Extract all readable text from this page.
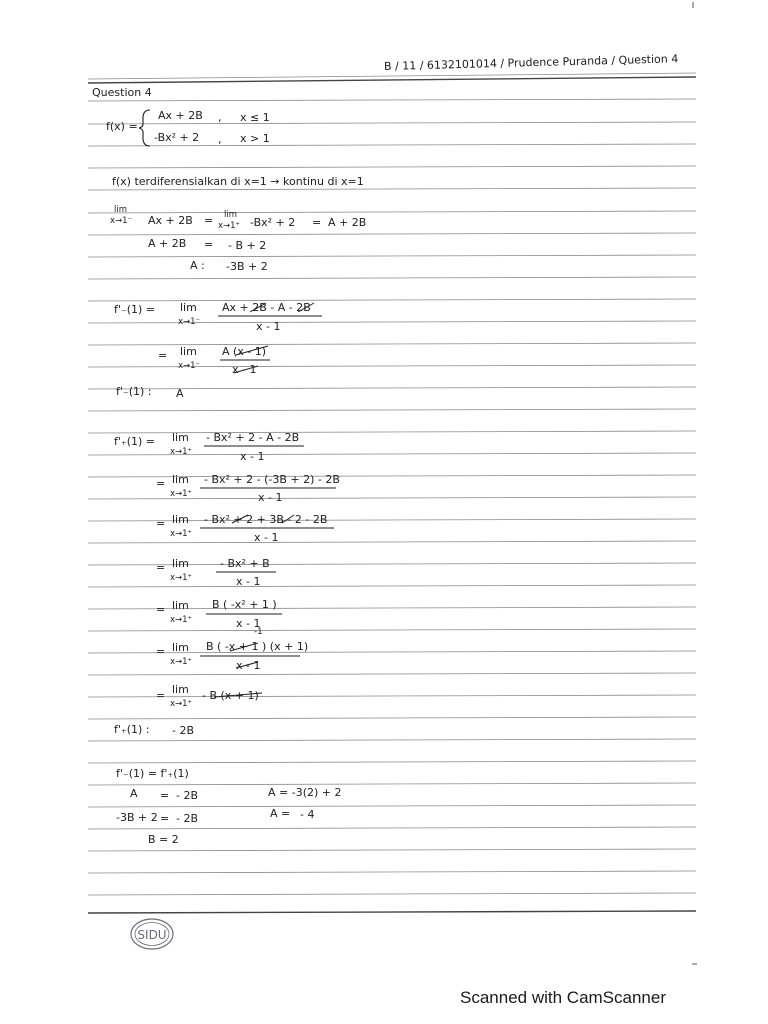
SIDU
B / 11 / 6132101014 / Prudence Puranda / Question 4
Question 4
f(x) =
Ax + 2B , x ≤ 1
-Bx² + 2 , x > 1
f(x) terdiferensialkan di x=1 → kontinu di x=1
lim
x→1⁻ Ax + 2B = lim
x→1⁺ -Bx² + 2 = A + 2B
A + 2B = - B + 2
A : -3B + 2
f'₋(1) = lim
x→1⁻
Ax + 2B - A - 2B
x - 1
= lim
x→1⁻
A (x - 1)
x - 1
f'₋(1) : A
f'₊(1) = lim
x→1⁺
- Bx² + 2 - A - 2B
x - 1
= lim
x→1⁺
- Bx² + 2 - (-3B + 2) - 2B
x - 1
= lim
x→1⁺
- Bx² + 2 + 3B - 2 - 2B
x - 1
= lim
x→1⁺
- Bx² + B
x - 1
= lim
x→1⁺
B ( -x² + 1 )
x - 1
-1
= lim
x→1⁺
B ( -x + 1 ) (x + 1)
x - 1
= lim
x→1⁺
- B (x + 1)
f'₊(1) : - 2B
f'₋(1) = f'₊(1)
A = - 2B	A = -3(2) + 2
-3B + 2 = - 2B	A = - 4
B = 2
Scanned with CamScanner
